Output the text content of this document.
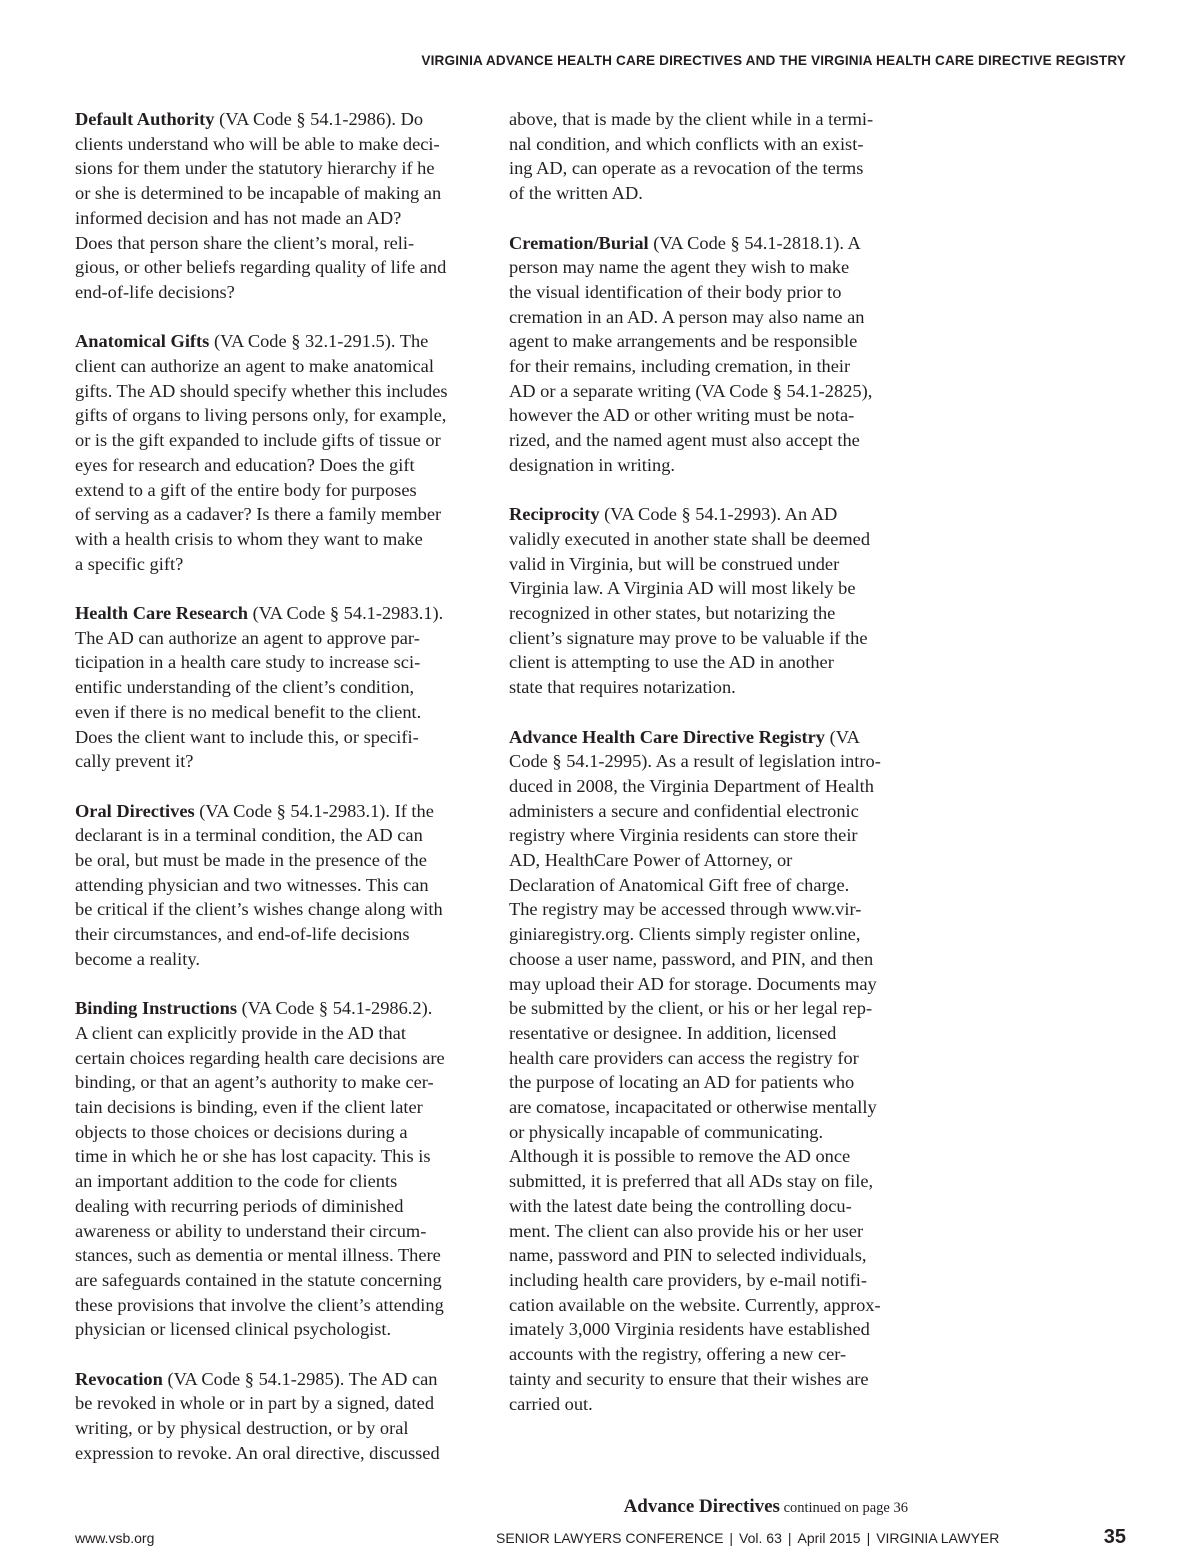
VIRGINIA ADVANCE HEALTH CARE DIRECTIVES AND THE VIRGINIA HEALTH CARE DIRECTIVE REGISTRY

Default Authority (VA Code § 54.1-2986). Do
clients understand who will be able to make deci-
sions for them under the statutory hierarchy if he
or she is determined to be incapable of making an
informed decision and has not made an AD?
Does that person share the client’s moral, reli-
gious, or other beliefs regarding quality of life and
end-of-life decisions?

Anatomical Gifts (VA Code § 32.1-291.5). The
client can authorize an agent to make anatomical
gifts. The AD should specify whether this includes
gifts of organs to living persons only, for example,
or is the gift expanded to include gifts of tissue or
eyes for research and education? Does the gift
extend to a gift of the entire body for purposes
of serving as a cadaver? Is there a family member
with a health crisis to whom they want to make
a specific gift?

Health Care Research (VA Code § 54.1-2983.1).
The AD can authorize an agent to approve par-
ticipation in a health care study to increase sci-
entific understanding of the client’s condition,
even if there is no medical benefit to the client.
Does the client want to include this, or specifi-
cally prevent it?

Oral Directives (VA Code § 54.1-2983.1). If the
declarant is in a terminal condition, the AD can
be oral, but must be made in the presence of the
attending physician and two witnesses. This can
be critical if the client’s wishes change along with
their circumstances, and end-of-life decisions
become a reality.

Binding Instructions (VA Code § 54.1-2986.2).
A client can explicitly provide in the AD that
certain choices regarding health care decisions are
binding, or that an agent’s authority to make cer-
tain decisions is binding, even if the client later
objects to those choices or decisions during a
time in which he or she has lost capacity. This is
an important addition to the code for clients
dealing with recurring periods of diminished
awareness or ability to understand their circum-
stances, such as dementia or mental illness. There
are safeguards contained in the statute concerning
these provisions that involve the client’s attending
physician or licensed clinical psychologist.

Revocation (VA Code § 54.1-2985). The AD can
be revoked in whole or in part by a signed, dated
writing, or by physical destruction, or by oral
expression to revoke. An oral directive, discussed

above, that is made by the client while in a termi-
nal condition, and which conflicts with an exist-
ing AD, can operate as a revocation of the terms
of the written AD.

Cremation/Burial (VA Code § 54.1-2818.1). A
person may name the agent they wish to make
the visual identification of their body prior to
cremation in an AD. A person may also name an
agent to make arrangements and be responsible
for their remains, including cremation, in their
AD or a separate writing (VA Code § 54.1-2825),
however the AD or other writing must be nota-
rized, and the named agent must also accept the
designation in writing.

Reciprocity (VA Code § 54.1-2993). An AD
validly executed in another state shall be deemed
valid in Virginia, but will be construed under
Virginia law. A Virginia AD will most likely be
recognized in other states, but notarizing the
client’s signature may prove to be valuable if the
client is attempting to use the AD in another
state that requires notarization.

Advance Health Care Directive Registry (VA
Code § 54.1-2995). As a result of legislation intro-
duced in 2008, the Virginia Department of Health
administers a secure and confidential electronic
registry where Virginia residents can store their
AD, HealthCare Power of Attorney, or
Declaration of Anatomical Gift free of charge.
The registry may be accessed through www.vir-
giniaregistry.org. Clients simply register online,
choose a user name, password, and PIN, and then
may upload their AD for storage. Documents may
be submitted by the client, or his or her legal rep-
resentative or designee. In addition, licensed
health care providers can access the registry for
the purpose of locating an AD for patients who
are comatose, incapacitated or otherwise mentally
or physically incapable of communicating.
Although it is possible to remove the AD once
submitted, it is preferred that all ADs stay on file,
with the latest date being the controlling docu-
ment. The client can also provide his or her user
name, password and PIN to selected individuals,
including health care providers, by e-mail notifi-
cation available on the website. Currently, approx-
imately 3,000 Virginia residents have established
accounts with the registry, offering a new cer-
tainty and security to ensure that their wishes are
carried out.

Advance Directives continued on page 36
www.vsb.org	SENIOR LAWYERS CONFERENCE | Vol. 63 | April 2015 | VIRGINIA LAWYER	35
